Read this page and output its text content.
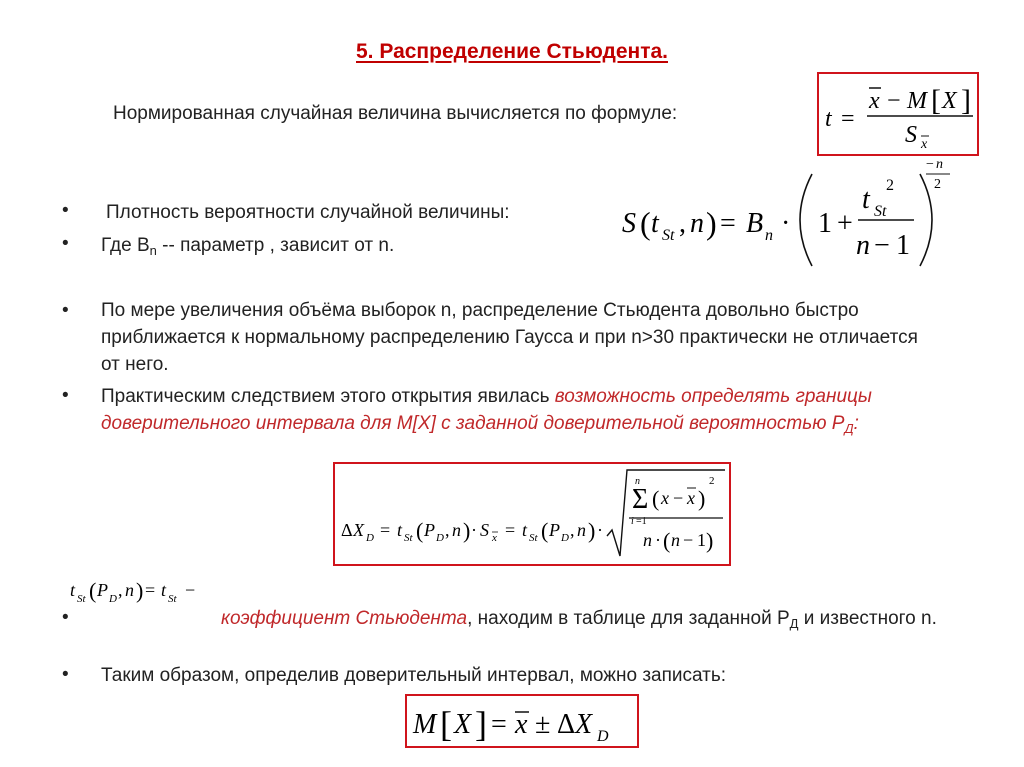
5. Распределение Стьюдента.
Нормированная случайная величина вычисляется по формуле:	t =
x − M [ X ]
S x
• Плотность вероятности случайной величины:
• Где $В_n$ -- параметр , зависит от n.
S ( t St , n ) = B n · 1 +
t St
2
n − 1
− n
2
• По мере увеличения объёма выборок n, распределение Стьюдента довольно быстро приближается к нормальному распределению Гаусса и при n>30 практически не отличается от него.
• Практическим следствием этого открытия явилась возможность определять границы доверительного интервала для M[X] с заданной доверительной вероятностью $P_Д$:
Δ X D = t St ( P D , n ) · S x = t St ( P D , n ) ·
Σ
n
i =1
( x − x )
2
n · ( n − 1 )
t St ( P D , n ) = t St −
•	коэффициент Стьюдента, находим в таблице для заданной $Р_Д$ и известного n.
• Таким образом, определив доверительный интервал, можно записать:
M [ X ] = x ± Δ X D
